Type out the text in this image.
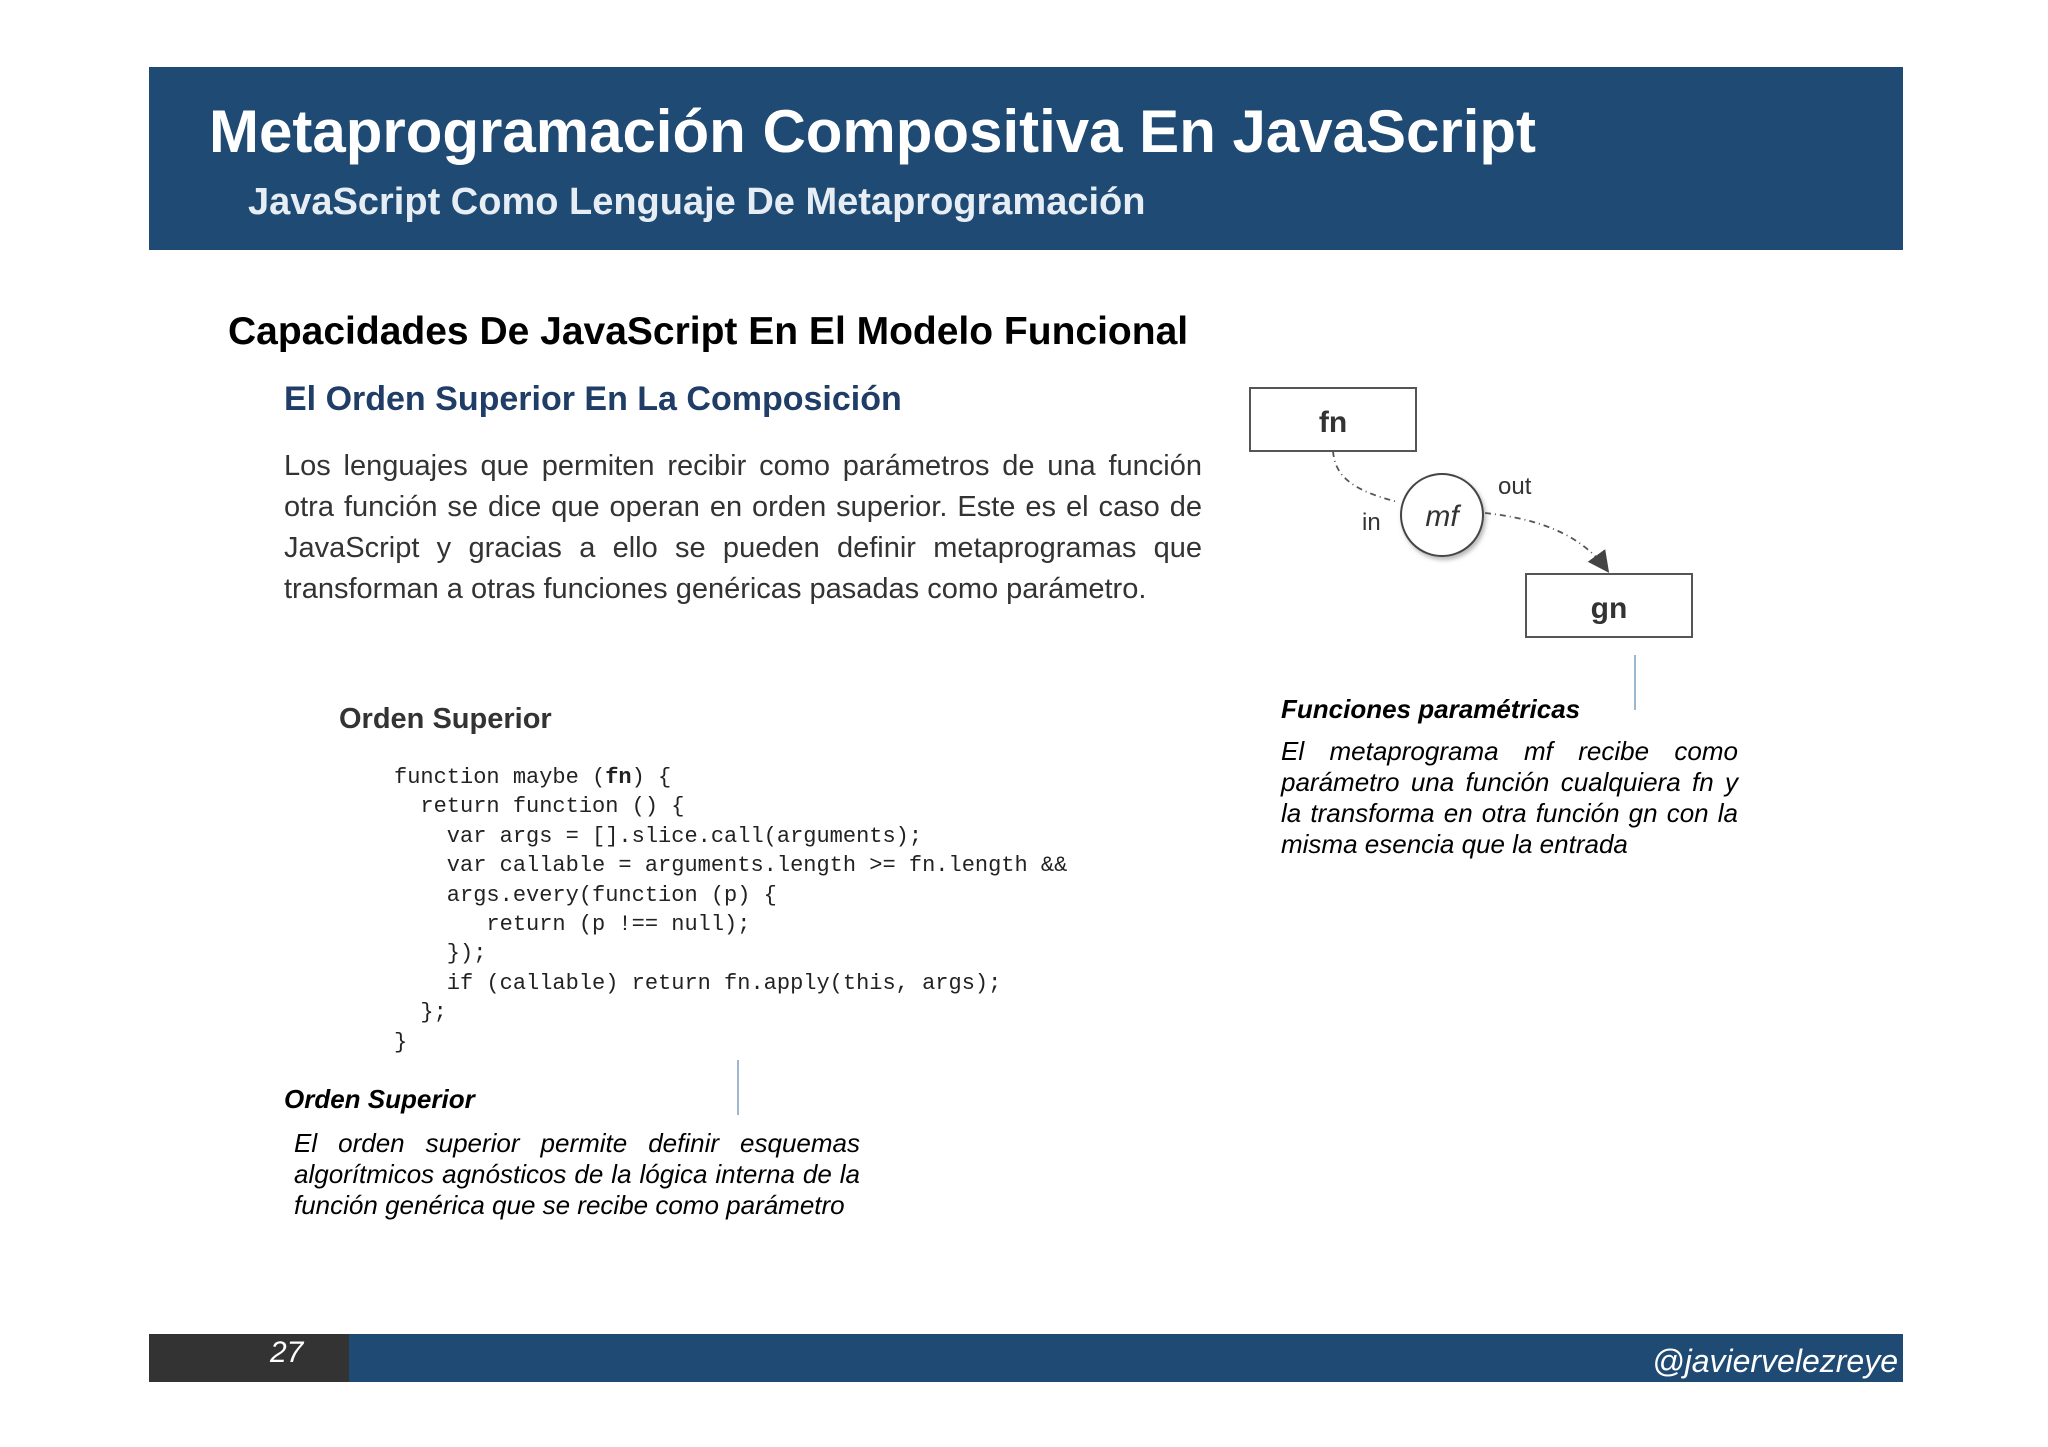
Metaprogramación Compositiva En JavaScript
JavaScript Como Lenguaje De Metaprogramación
Capacidades De JavaScript En El Modelo Funcional
El Orden Superior En La Composición

Los lenguajes que permiten recibir como parámetros de una función otra función se dice que operan en orden superior. Este es el caso de JavaScript y gracias a ello se pueden definir metaprogramas que transforman a otras funciones genéricas pasadas como parámetro.

Orden Superior

function maybe (fn) {
return function () {
var args = [].slice.call(arguments);
var callable = arguments.length >= fn.length &&
args.every(function (p) {
return (p !== null);
});
if (callable) return fn.apply(this, args);
};
}

Orden Superior

El orden superior permite definir esquemas algorítmicos agnósticos de la lógica interna de la función genérica que se recibe como parámetro

fn
in mf
out
gn

Funciones paramétricas

El metaprograma mf recibe como parámetro una función cualquiera fn y la transforma en otra función gn con la misma esencia que la entrada

27	@javiervelezreye
